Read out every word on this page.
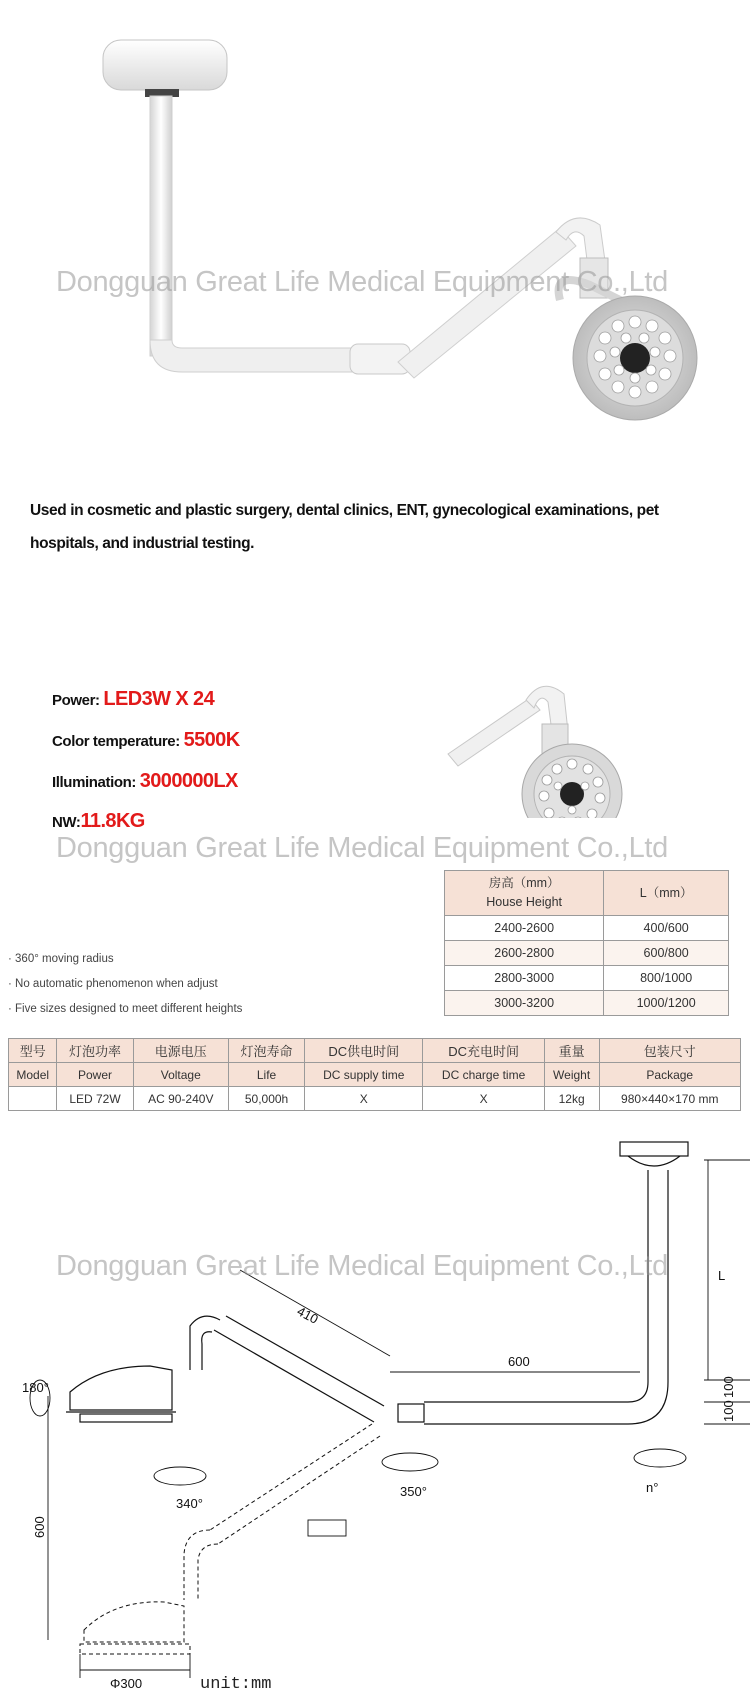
Dongguan Great Life Medical Equipment Co.,Ltd
Used in cosmetic and plastic surgery, dental clinics, ENT, gynecological examinations, pet hospitals, and industrial testing.
Power: LED3W X 24
Color temperature: 5500K
Illumination: 3000000LX
NW:11.8KG
Dongguan Great Life Medical Equipment Co.,Ltd
· 360° moving radius
· No automatic phenomenon when adjust
· Five sizes designed to meet different heights
房高（mm）
House Height	L（mm）
2400-2600	400/600
2600-2800	600/800
2800-3000	800/1000
3000-3200	1000/1200
型号	灯泡功率	电源电压	灯泡寿命	DC供电时间	DC充电时间	重量	包装尺寸
Model	Power	Voltage	Life	DC supply time	DC charge time	Weight	Package
	LED 72W	AC 90-240V	50,000h	X	X	12kg	980×440×170 mm
410
600
L
100
100
180°
340°
350°	n°
600
Φ300
Dongguan Great Life Medical Equipment Co.,Ltd
unit:mm
